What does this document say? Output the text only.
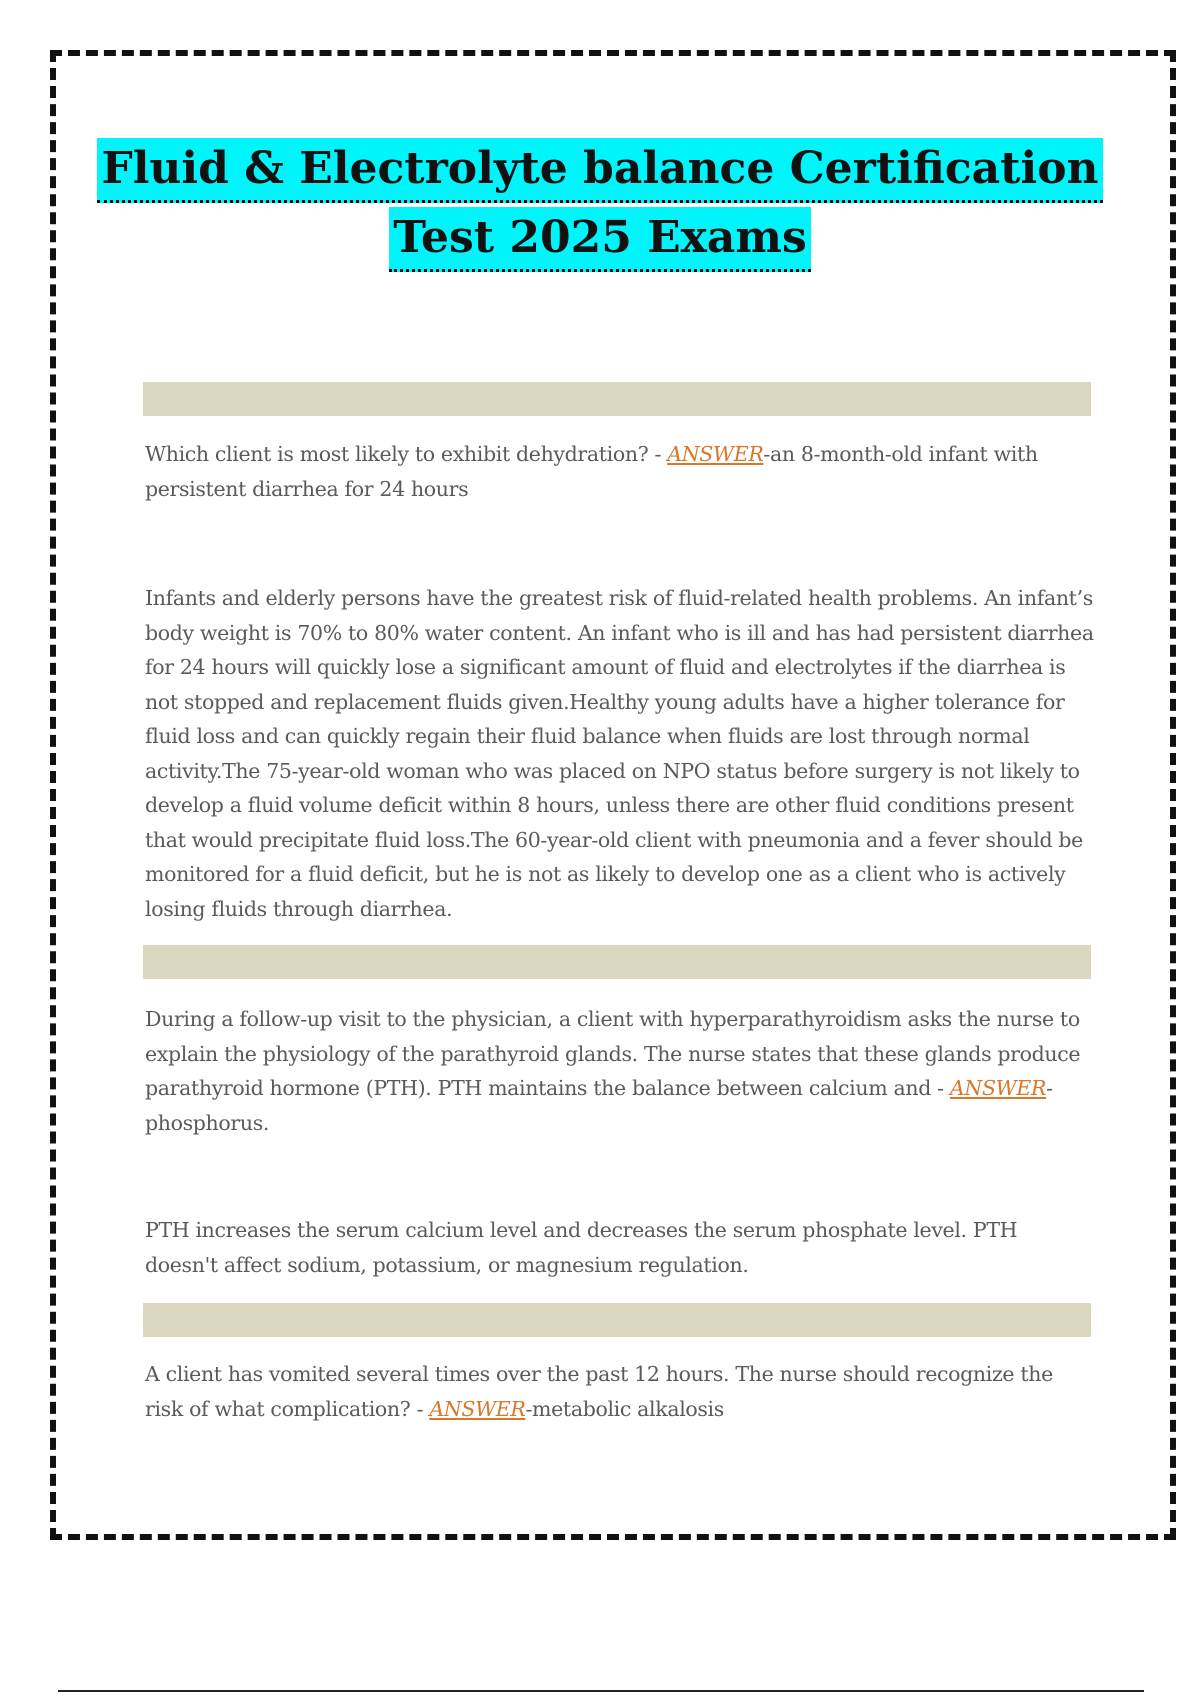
Fluid & Electrolyte balance Certification
Test 2025 Exams
Which client is most likely to exhibit dehydration? - ANSWER-an 8-month-old infant with persistent diarrhea for 24 hours
Infants and elderly persons have the greatest risk of fluid-related health problems. An infant’s body weight is 70% to 80% water content. An infant who is ill and has had persistent diarrhea for 24 hours will quickly lose a significant amount of fluid and electrolytes if the diarrhea is not stopped and replacement fluids given.Healthy young adults have a higher tolerance for fluid loss and can quickly regain their fluid balance when fluids are lost through normal activity.The 75-year-old woman who was placed on NPO status before surgery is not likely to develop a fluid volume deficit within 8 hours, unless there are other fluid conditions present that would precipitate fluid loss.The 60-year-old client with pneumonia and a fever should be monitored for a fluid deficit, but he is not as likely to develop one as a client who is actively losing fluids through diarrhea.
During a follow-up visit to the physician, a client with hyperparathyroidism asks the nurse to explain the physiology of the parathyroid glands. The nurse states that these glands produce parathyroid hormone (PTH). PTH maintains the balance between calcium and - ANSWER-phosphorus.
PTH increases the serum calcium level and decreases the serum phosphate level. PTH doesn't affect sodium, potassium, or magnesium regulation.
A client has vomited several times over the past 12 hours. The nurse should recognize the risk of what complication? - ANSWER-metabolic alkalosis
